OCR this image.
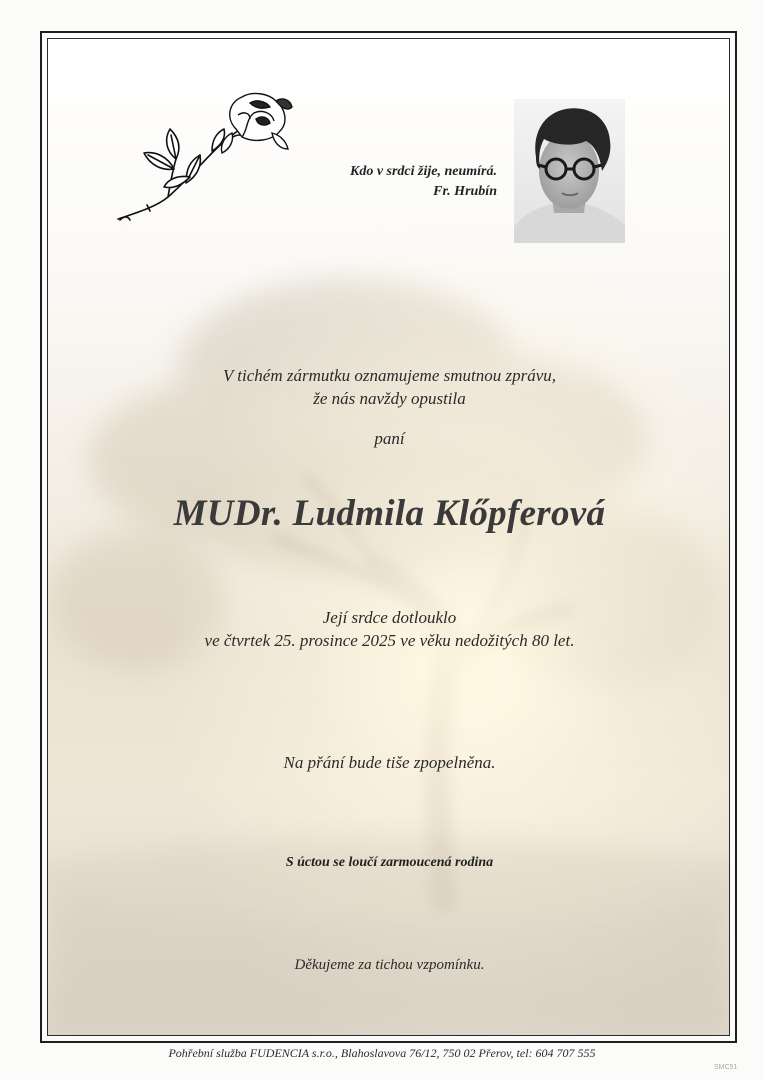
Kdo v srdci žije, neumírá.
Fr. Hrubín
V tichém zármutku oznamujeme smutnou zprávu,
že nás navždy opustila
paní
MUDr. Ludmila Klőpferová
Její srdce dotlouklo
ve čtvrtek 25. prosince 2025 ve věku nedožitých 80 let.
Na přání bude tiše zpopelněna.
S úctou se loučí zarmoucená rodina
Děkujeme za tichou vzpomínku.
Pohřební služba FUDENCIA s.r.o., Blahoslavova 76/12, 750 02 Přerov, tel: 604 707 555
SMC51
